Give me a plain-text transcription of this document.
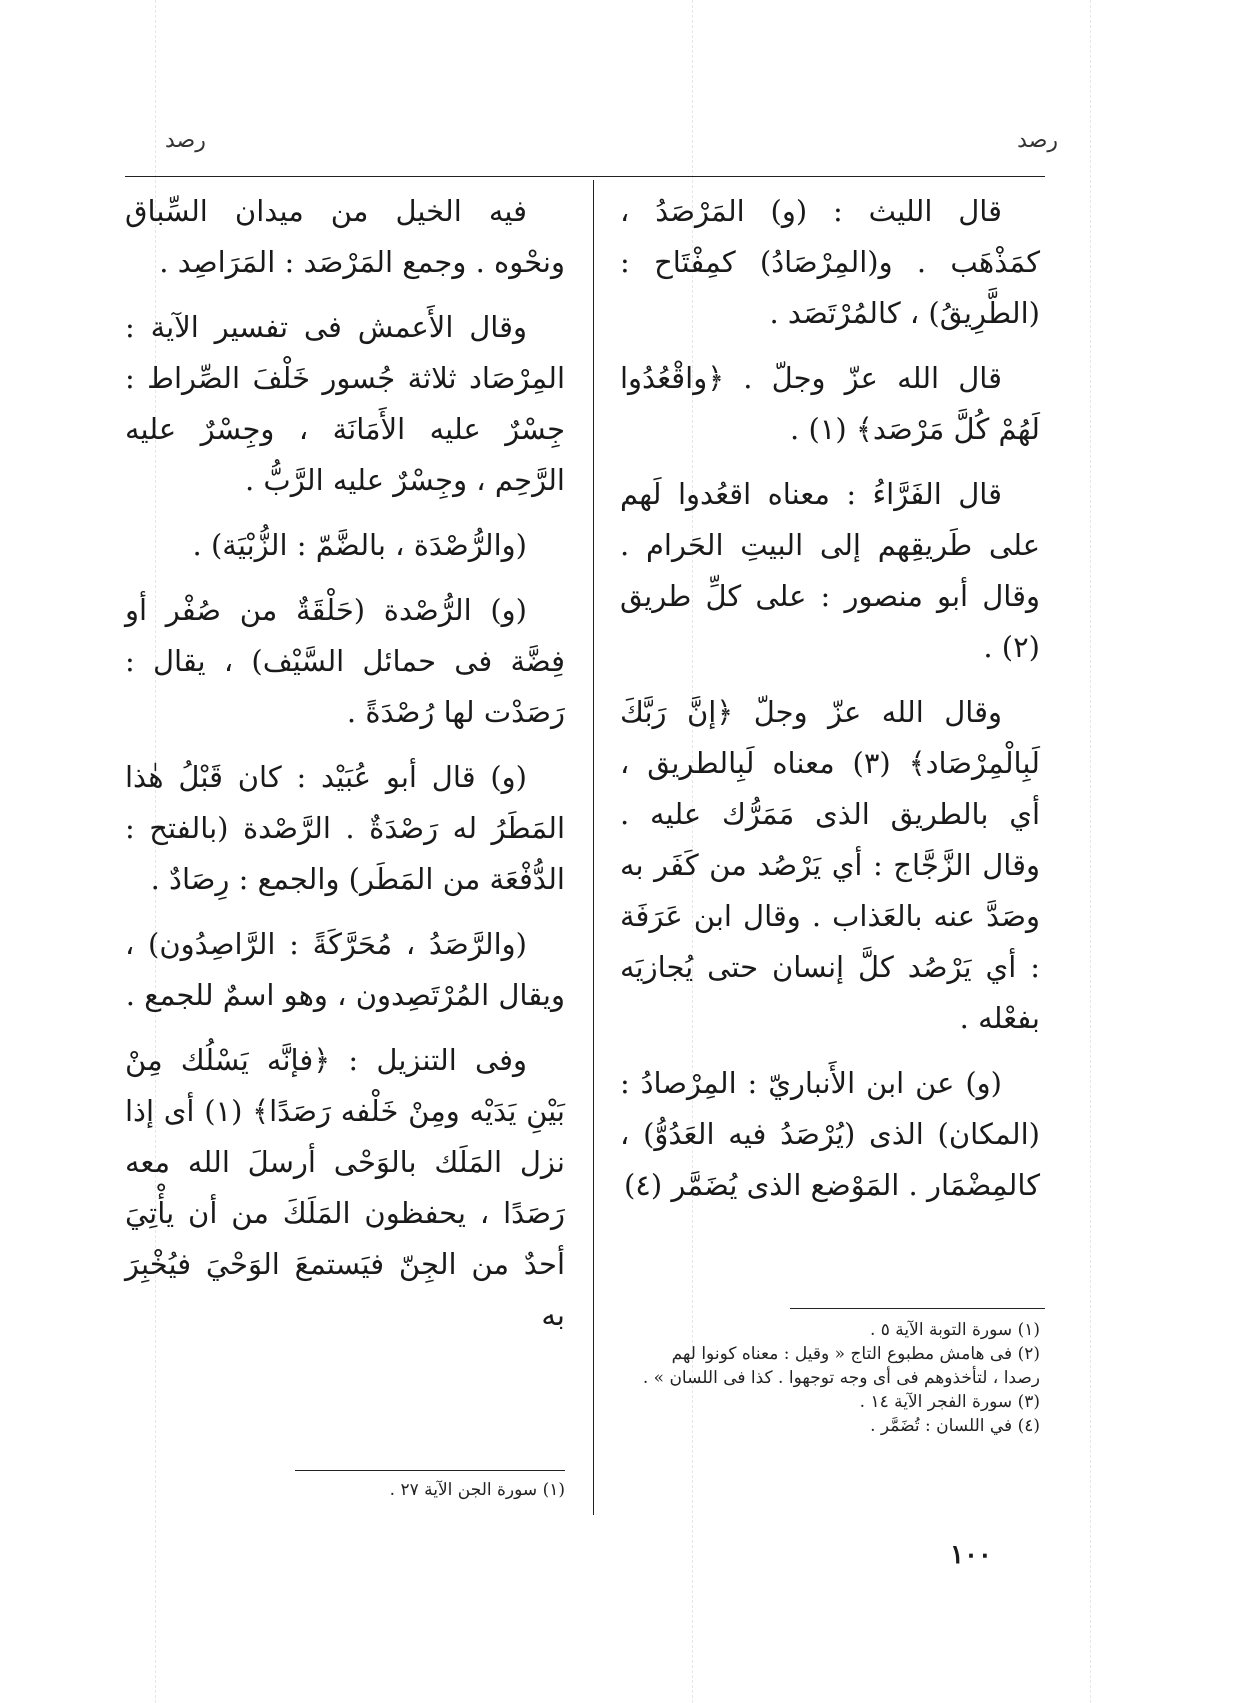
رصد
رصد

قال الليث : (و) المَرْصَدُ ، كمَذْهَب . و(المِرْصَادُ) كمِفْتَاح : (الطَّرِيقُ) ، كالمُرْتَصَد .

قال الله عزّ وجلّ . ﴿واقْعُدُوا لَهُمْ كُلَّ مَرْصَد﴾ (١) .

قال الفَرَّاءُ : معناه اقعُدوا لَهم على طَريقِهم إلى البيتِ الحَرام . وقال أبو منصور : على كلِّ طريق (٢) .

وقال الله عزّ وجلّ ﴿إنَّ رَبَّكَ لَبِالْمِرْصَاد﴾ (٣) معناه لَبِالطريق ، أي بالطريق الذى مَمَرُّك عليه . وقال الزَّجَّاج : أي يَرْصُد من كَفَر به وصَدَّ عنه بالعَذاب . وقال ابن عَرَفَة : أي يَرْصُد كلَّ إنسان حتى يُجازيَه بفعْله .

(و) عن ابن الأَنباريّ : المِرْصادُ : (المكان) الذى (يُرْصَدُ فيه العَدُوُّ) ، كالمِضْمَار . المَوْضع الذى يُضَمَّر (٤)

فيه الخيل من ميدان السِّباق ونحْوه . وجمع المَرْصَد : المَرَاصِد .

وقال الأَعمش فى تفسير الآية : المِرْصَاد ثلاثة جُسور خَلْفَ الصِّراط : جِسْرٌ عليه الأَمَانَة ، وجِسْرٌ عليه الرَّحِم ، وجِسْرٌ عليه الرَّبُّ .

(والرُّصْدَة ، بالضَّمّ : الزُّبْيَة) .

(و) الرُّصْدة (حَلْقَةٌ من صُفْر أو فِضَّة فى حمائل السَّيْف) ، يقال : رَصَدْت لها رُصْدَةً .

(و) قال أبو عُبَيْد : كان قَبْلُ هٰذا المَطَرُ له رَصْدَةٌ . الرَّصْدة (بالفتح : الدُّفْعَة من المَطَر) والجمع : رِصَادٌ .

(والرَّصَدُ ، مُحَرَّكَةً : الرَّاصِدُون) ، ويقال المُرْتَصِدون ، وهو اسمٌ للجمع .

وفى التنزيل : ﴿فإنَّه يَسْلُك مِنْ بَيْنِ يَدَيْه ومِنْ خَلْفه رَصَدًا﴾ (١) أى إذا نزل المَلَك بالوَحْى أرسلَ الله معه رَصَدًا ، يحفظون المَلَكَ من أن يأْتِيَ أحدٌ من الجِنّ فيَستمعَ الوَحْيَ فيُخْبِرَ به	(١) سورة التوبة الآية ٥ .
(٢) فى هامش مطبوع التاج « وقيل : معناه كونوا لهم رصدا ، لتأخذوهم فى أى وجه توجهوا . كذا فى اللسان » .
(٣) سورة الفجر الآية ١٤ .
(٤) في اللسان : تُضَمَّر .
(١) سورة الجن الآية ٢٧ .
١٠٠
